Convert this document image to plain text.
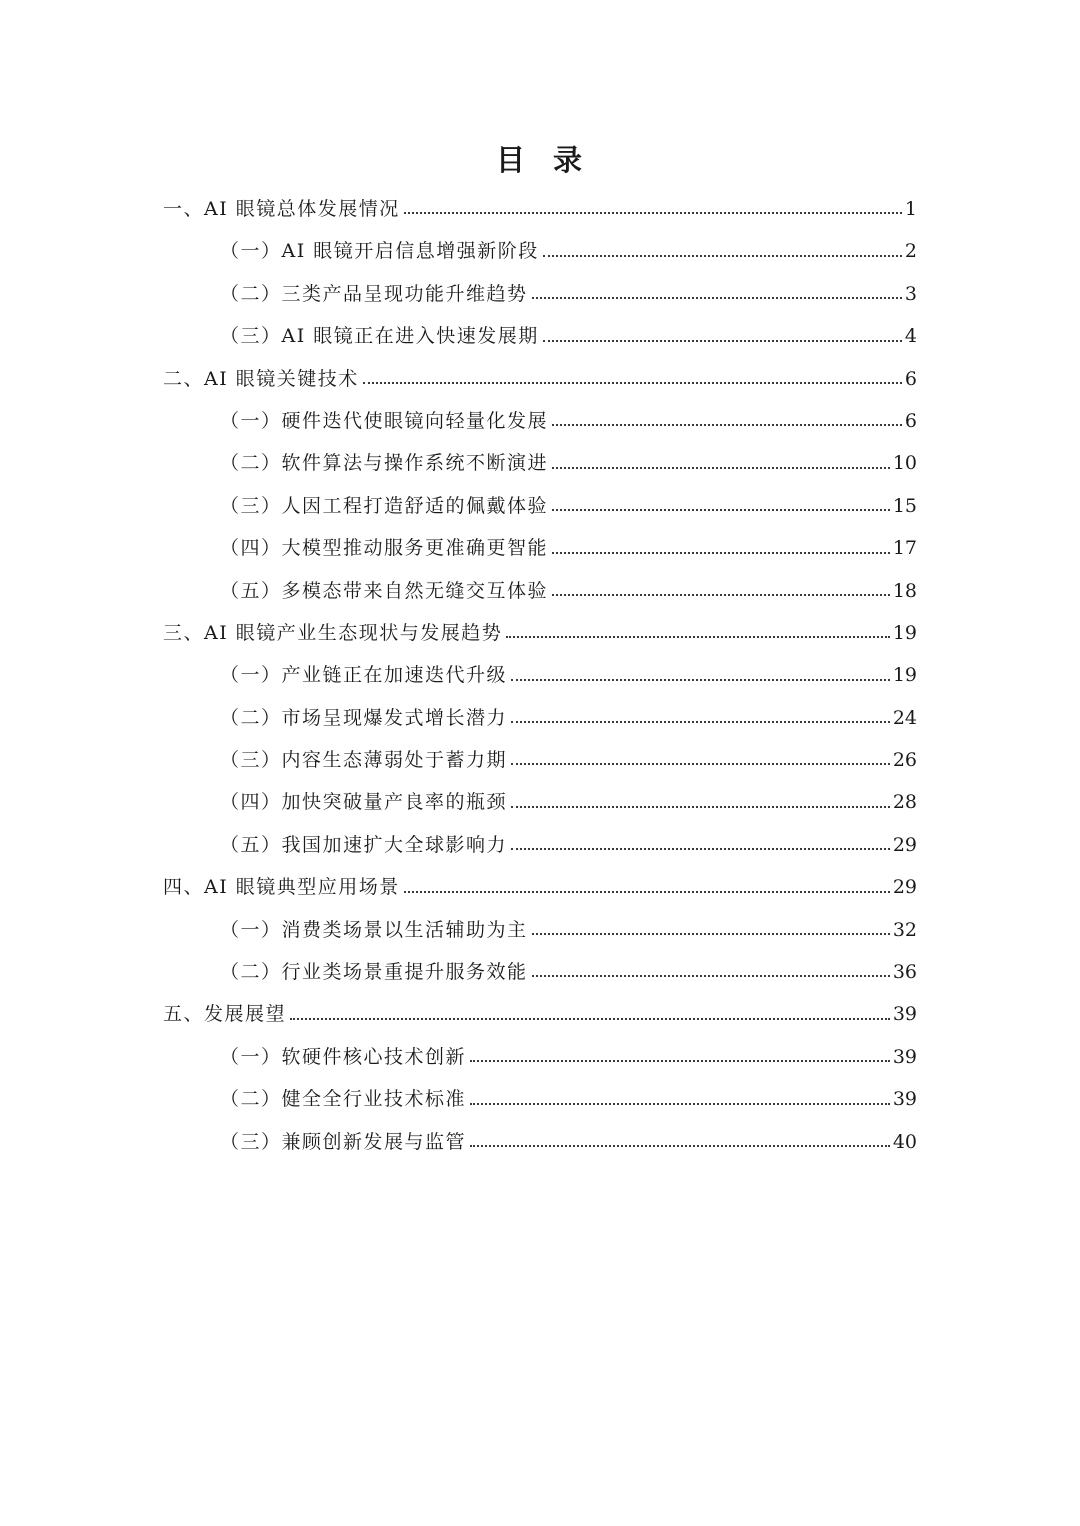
目 录
一、AI 眼镜总体发展情况	1
（一）AI 眼镜开启信息增强新阶段	2
（二）三类产品呈现功能升维趋势	3
（三）AI 眼镜正在进入快速发展期	4
二、AI 眼镜关键技术	6
（一）硬件迭代使眼镜向轻量化发展	6
（二）软件算法与操作系统不断演进	10
（三）人因工程打造舒适的佩戴体验	15
（四）大模型推动服务更准确更智能	17
（五）多模态带来自然无缝交互体验	18
三、AI 眼镜产业生态现状与发展趋势	19
（一）产业链正在加速迭代升级	19
（二）市场呈现爆发式增长潜力	24
（三）内容生态薄弱处于蓄力期	26
（四）加快突破量产良率的瓶颈	28
（五）我国加速扩大全球影响力	29
四、AI 眼镜典型应用场景	29
（一）消费类场景以生活辅助为主	32
（二）行业类场景重提升服务效能	36
五、发展展望	39
（一）软硬件核心技术创新	39
（二）健全全行业技术标准	39
（三）兼顾创新发展与监管	40
